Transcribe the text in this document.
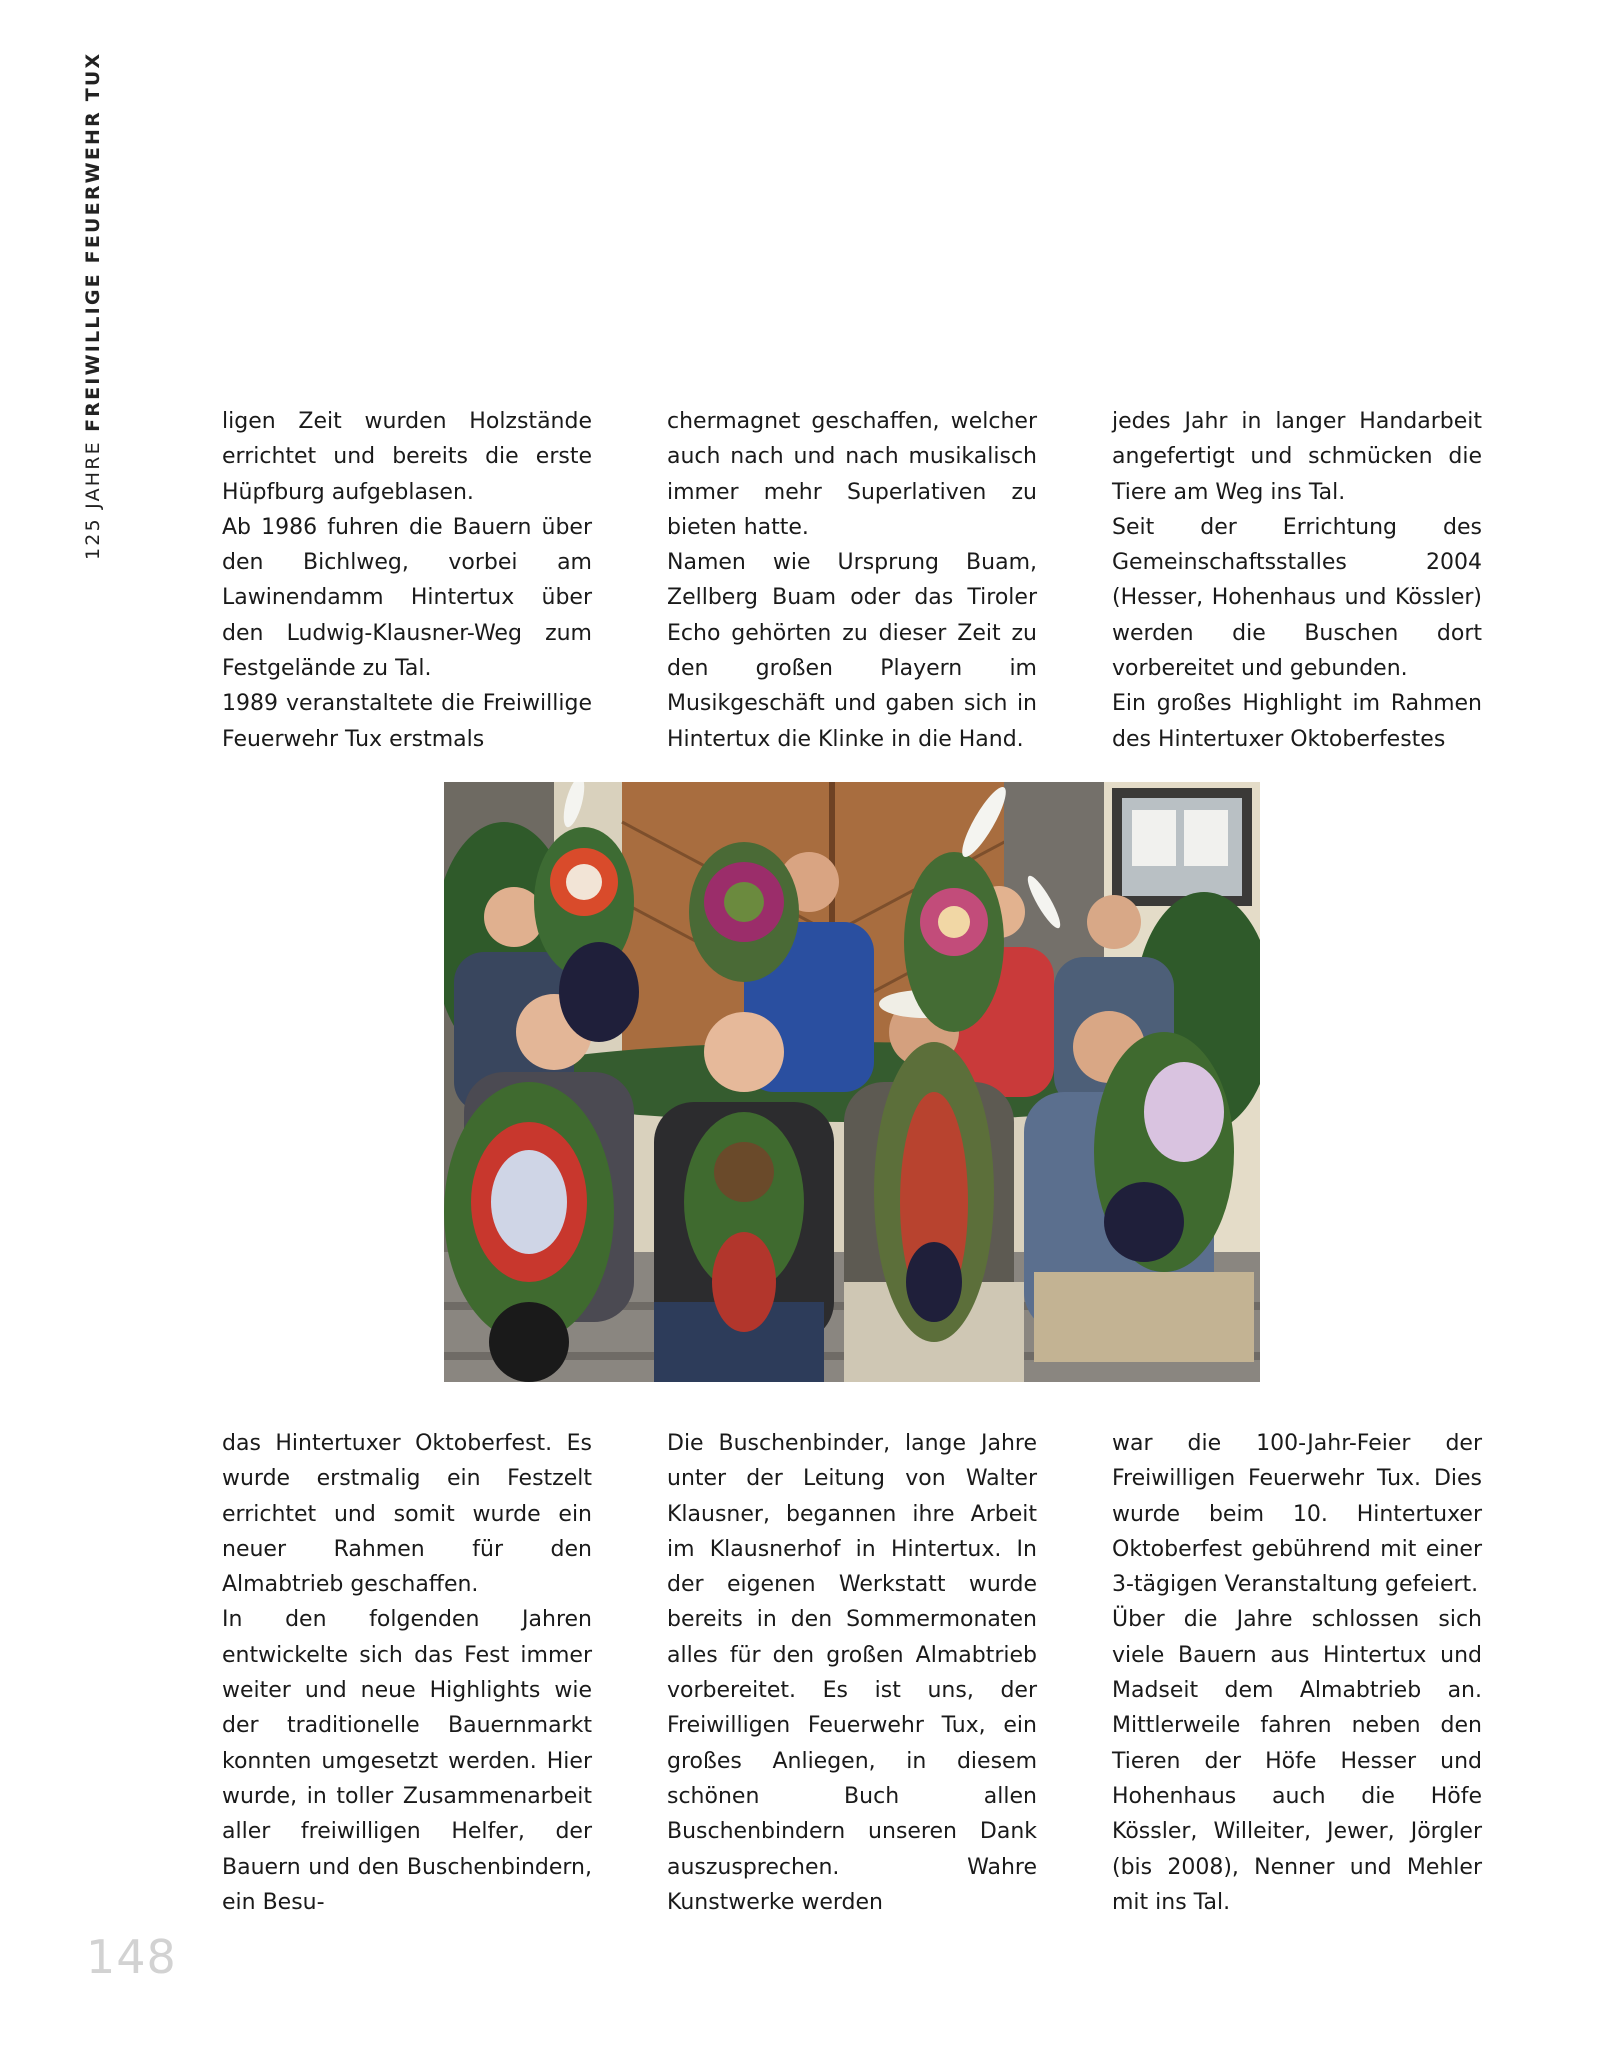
125 JAHRE FREIWILLIGE FEUERWEHR TUX	ligen Zeit wurden Holzstände errichtet und bereits die erste Hüpfburg aufgeblasen.

Ab 1986 fuhren die Bauern über den Bichlweg, vorbei am Lawinendamm Hintertux über den Ludwig-Klausner-Weg zum Festgelände zu Tal.

1989 veranstaltete die Freiwillige Feuerwehr Tux erstmals

chermagnet geschaffen, welcher auch nach und nach musikalisch immer mehr Superlativen zu bieten hatte.

Namen wie Ursprung Buam, Zellberg Buam oder das Tiroler Echo gehörten zu dieser Zeit zu den großen Playern im Musikgeschäft und gaben sich in Hintertux die Klinke in die Hand.

jedes Jahr in langer Handarbeit angefertigt und schmücken die Tiere am Weg ins Tal.

Seit der Errichtung des Gemeinschaftsstalles 2004 (Hesser, Hohenhaus und Kössler) werden die Buschen dort vorbereitet und gebunden.

Ein großes Highlight im Rahmen des Hintertuxer Oktoberfestes

das Hintertuxer Oktoberfest. Es wurde erstmalig ein Festzelt errichtet und somit wurde ein neuer Rahmen für den Almabtrieb geschaffen.

In den folgenden Jahren entwickelte sich das Fest immer weiter und neue Highlights wie der traditionelle Bauernmarkt konnten umgesetzt werden. Hier wurde, in toller Zusammenarbeit aller freiwilligen Helfer, der Bauern und den Buschenbindern, ein Besu-

Die Buschenbinder, lange Jahre unter der Leitung von Walter Klausner, begannen ihre Arbeit im Klausnerhof in Hintertux. In der eigenen Werkstatt wurde bereits in den Sommermonaten alles für den großen Almabtrieb vorbereitet. Es ist uns, der Freiwilligen Feuerwehr Tux, ein großes Anliegen, in diesem schönen Buch allen Buschenbindern unseren Dank auszusprechen. Wahre Kunstwerke werden

war die 100-Jahr-Feier der Freiwilligen Feuerwehr Tux. Dies wurde beim 10. Hintertuxer Oktoberfest gebührend mit einer 3-tägigen Veranstaltung gefeiert.

Über die Jahre schlossen sich viele Bauern aus Hintertux und Madseit dem Almabtrieb an. Mittlerweile fahren neben den Tieren der Höfe Hesser und Hohenhaus auch die Höfe Kössler, Willeiter, Jewer, Jörgler (bis 2008), Nenner und Mehler mit ins Tal.

148
